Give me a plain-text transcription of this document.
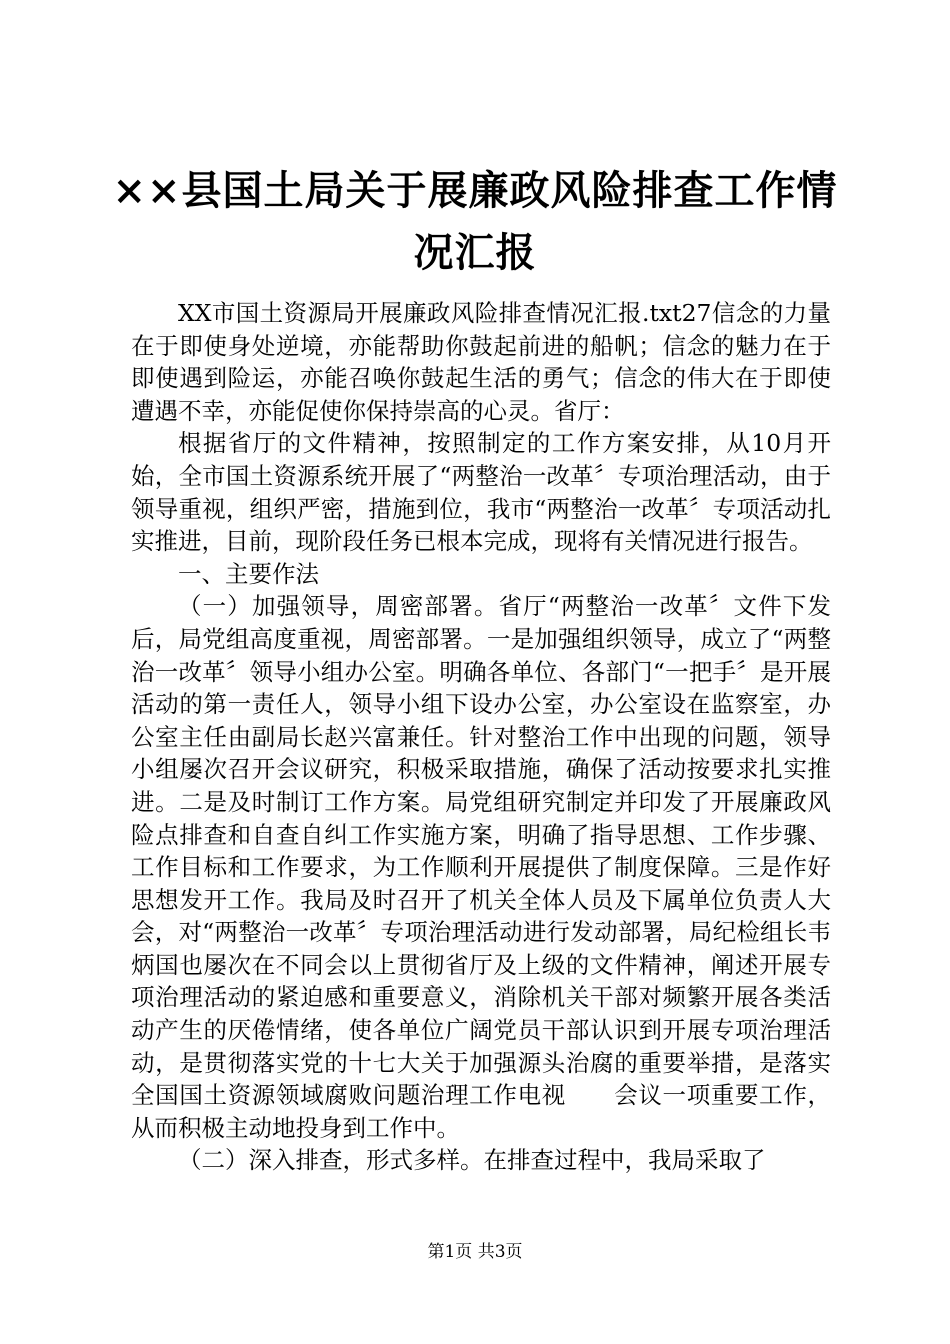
××县国土局关于展廉政风险排查工作情况汇报

XX市国土资源局开展廉政风险排查情况汇报.txt27信念的力量在于即使身处逆境，亦能帮助你鼓起前进的船帆；信念的魅力在于即使遇到险运，亦能召唤你鼓起生活的勇气；信念的伟大在于即使遭遇不幸，亦能促使你保持崇高的心灵。省厅：

根据省厅的文件精神，按照制定的工作方案安排，从10月开始，全市国土资源系统开展了“两整治一改革〞专项治理活动，由于领导重视，组织严密，措施到位，我市“两整治一改革〞专项活动扎实推进，目前，现阶段任务已根本完成，现将有关情况进行报告。

一、主要作法

（一）加强领导，周密部署。省厅“两整治一改革〞文件下发后，局党组高度重视，周密部署。一是加强组织领导，成立了“两整治一改革〞领导小组办公室。明确各单位、各部门“一把手〞是开展活动的第一责任人，领导小组下设办公室，办公室设在监察室，办公室主任由副局长赵兴富兼任。针对整治工作中出现的问题，领导小组屡次召开会议研究，积极采取措施，确保了活动按要求扎实推进。二是及时制订工作方案。局党组研究制定并印发了开展廉政风险点排查和自查自纠工作实施方案，明确了指导思想、工作步骤、工作目标和工作要求，为工作顺利开展提供了制度保障。三是作好思想发开工作。我局及时召开了机关全体人员及下属单位负责人大会，对“两整治一改革〞专项治理活动进行发动部署，局纪检组长韦炳国也屡次在不同会以上贯彻省厅及上级的文件精神，阐述开展专项治理活动的紧迫感和重要意义，消除机关干部对频繁开展各类活动产生的厌倦情绪，使各单位广阔党员干部认识到开展专项治理活动，是贯彻落实党的十七大关于加强源头治腐的重要举措，是落实全国国土资源领域腐败问题治理工作电视　　会议一项重要工作，从而积极主动地投身到工作中。

（二）深入排查，形式多样。在排查过程中，我局采取了

第1页 共3页
